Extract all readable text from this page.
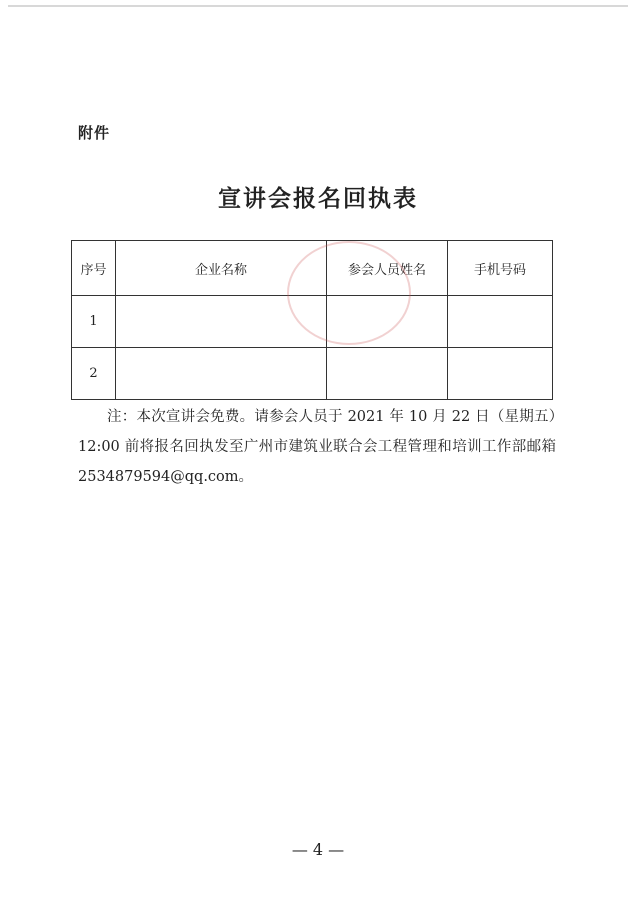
附件
宣讲会报名回执表
序号	企业名称	参会人员姓名	手机号码
1			
2			
注：本次宣讲会免费。请参会人员于 2021 年 10 月 22 日（星期五）12:00 前将报名回执发至广州市建筑业联合会工程管理和培训工作部邮箱 2534879594@qq.com。
— 4 —
